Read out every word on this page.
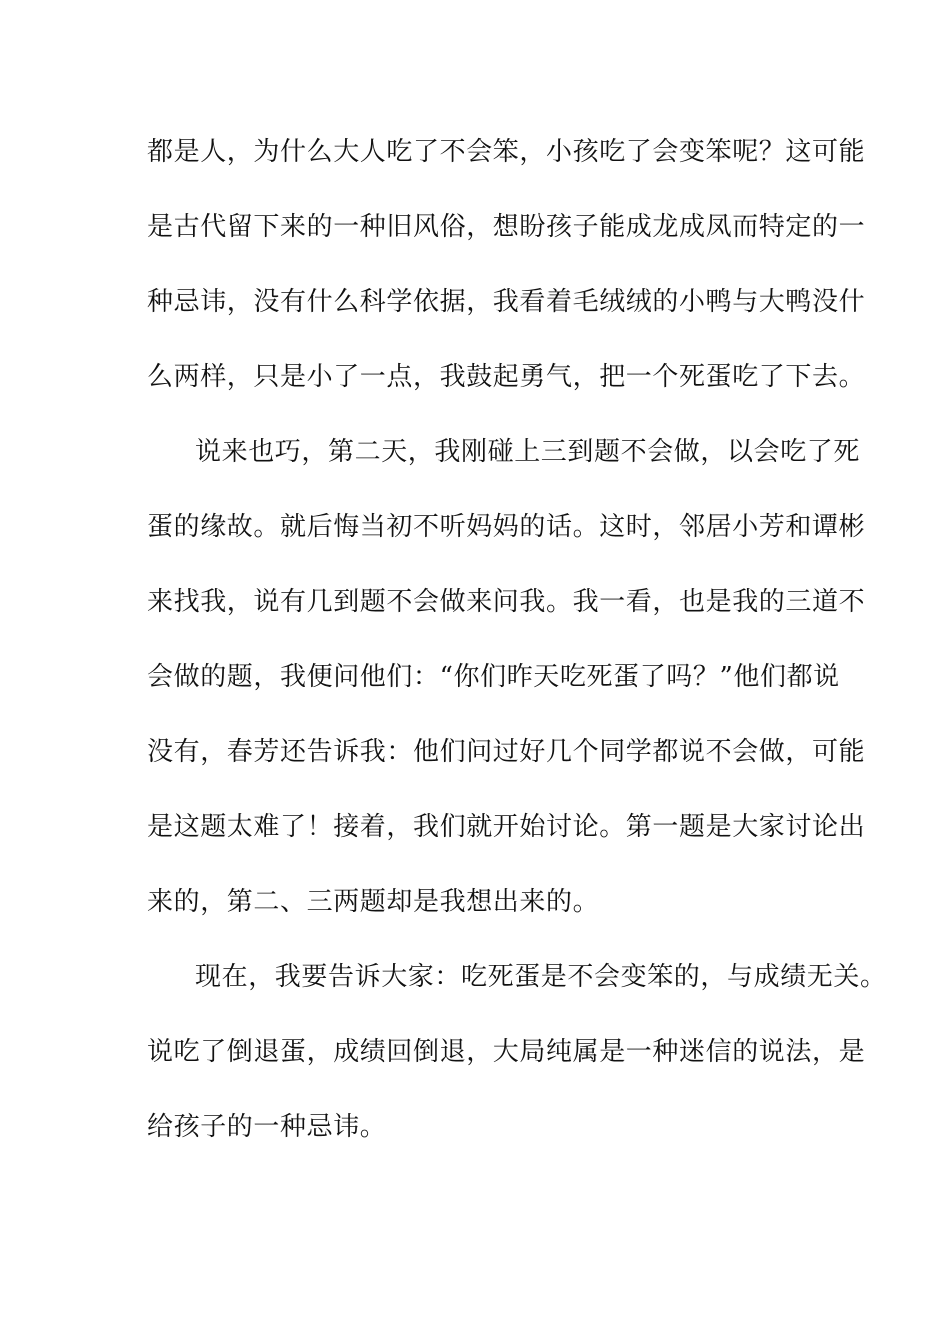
都是人，为什么大人吃了不会笨，小孩吃了会变笨呢？这可能
是古代留下来的一种旧风俗，想盼孩子能成龙成凤而特定的一
种忌讳，没有什么科学依据，我看着毛绒绒的小鸭与大鸭没什
么两样，只是小了一点，我鼓起勇气，把一个死蛋吃了下去。
说来也巧，第二天，我刚碰上三到题不会做，以会吃了死
蛋的缘故。就后悔当初不听妈妈的话。这时，邻居小芳和谭彬
来找我，说有几到题不会做来问我。我一看，也是我的三道不
会做的题，我便问他们：“你们昨天吃死蛋了吗？”他们都说
没有，春芳还告诉我：他们问过好几个同学都说不会做，可能
是这题太难了！接着，我们就开始讨论。第一题是大家讨论出
来的，第二、三两题却是我想出来的。
现在，我要告诉大家：吃死蛋是不会变笨的，与成绩无关。
说吃了倒退蛋，成绩回倒退，大局纯属是一种迷信的说法，是
给孩子的一种忌讳。
